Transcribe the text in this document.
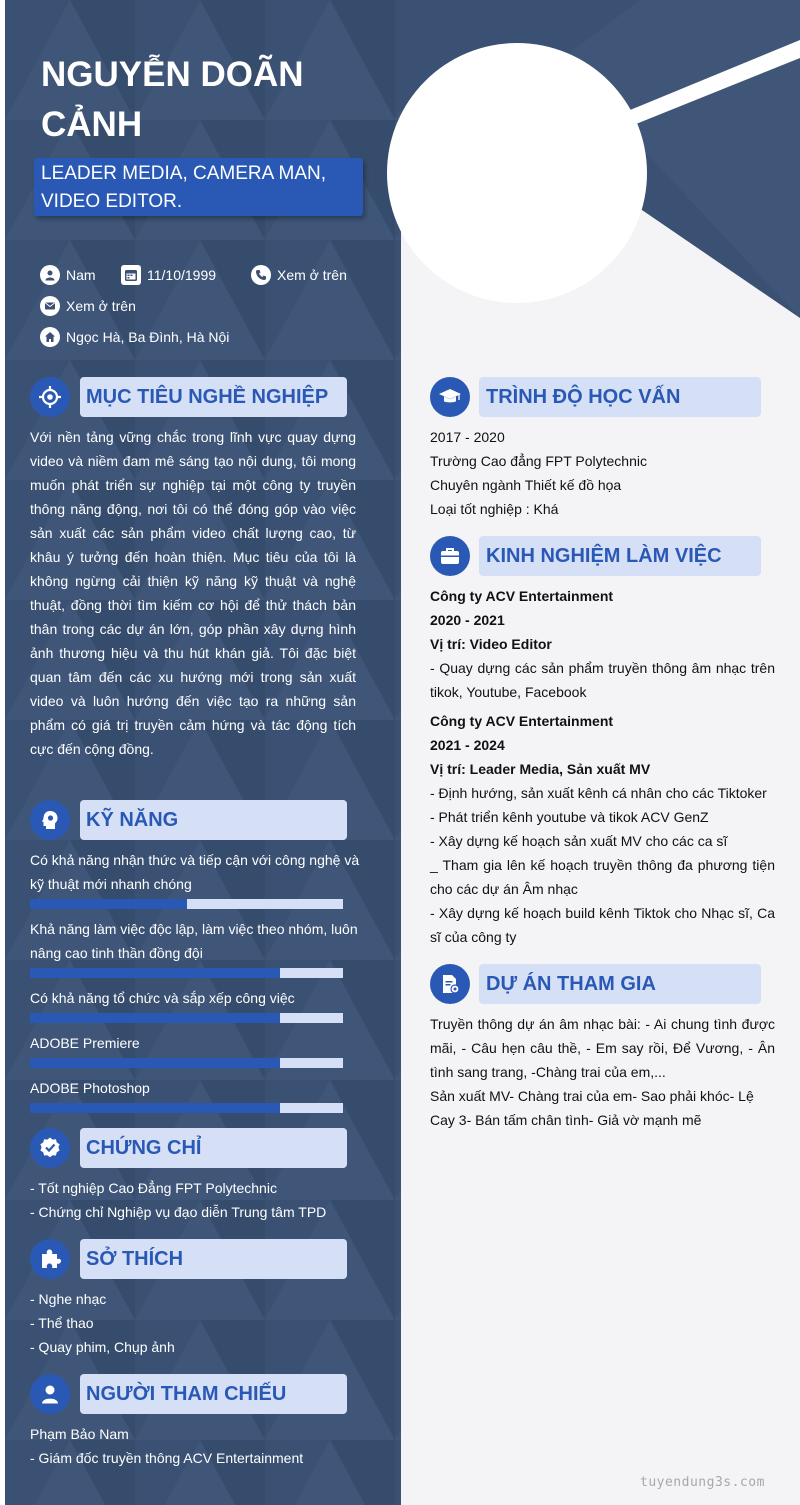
NGUYỄN DOÃN CẢNH
LEADER MEDIA, CAMERA MAN, VIDEO EDITOR.
Nam	11/10/1999	Xem ở trên
Xem ở trên
Ngọc Hà, Ba Đình, Hà Nội
MỤC TIÊU NGHỀ NGHIỆP
Với nền tảng vững chắc trong lĩnh vực quay dựng video và niềm đam mê sáng tạo nội dung, tôi mong muốn phát triển sự nghiệp tại một công ty truyền thông năng động, nơi tôi có thể đóng góp vào việc sản xuất các sản phẩm video chất lượng cao, từ khâu ý tưởng đến hoàn thiện. Mục tiêu của tôi là không ngừng cải thiện kỹ năng kỹ thuật và nghệ thuật, đồng thời tìm kiếm cơ hội để thử thách bản thân trong các dự án lớn, góp phần xây dựng hình ảnh thương hiệu và thu hút khán giả. Tôi đặc biệt quan tâm đến các xu hướng mới trong sản xuất video và luôn hướng đến việc tạo ra những sản phẩm có giá trị truyền cảm hứng và tác động tích cực đến cộng đồng.
KỸ NĂNG
Có khả năng nhận thức và tiếp cận với công nghệ và kỹ thuật mới nhanh chóng
Khả năng làm việc độc lập, làm việc theo nhóm, luôn nâng cao tinh thần đồng đội
Có khả năng tổ chức và sắp xếp công việc
ADOBE Premiere
ADOBE Photoshop
CHỨNG CHỈ
- Tốt nghiệp Cao Đẳng FPT Polytechnic
- Chứng chỉ Nghiệp vụ đạo diễn Trung tâm TPD
SỞ THÍCH
- Nghe nhạc
- Thể thao
- Quay phim, Chụp ảnh
NGƯỜI THAM CHIẾU
Phạm Bảo Nam
- Giám đốc truyền thông ACV Entertainment
TRÌNH ĐỘ HỌC VẤN
2017 - 2020
Trường Cao đẳng FPT Polytechnic
Chuyên ngành Thiết kế đồ họa
Loại tốt nghiệp : Khá
KINH NGHIỆM LÀM VIỆC
Công ty ACV Entertainment
2020 - 2021
Vị trí: Video Editor
- Quay dựng các sản phẩm truyền thông âm nhạc trên tikok, Youtube, Facebook
Công ty ACV Entertainment
2021 - 2024
Vị trí: Leader Media, Sản xuất MV
- Định hướng, sản xuất kênh cá nhân cho các Tiktoker
- Phát triển kênh youtube và tikok ACV GenZ
- Xây dựng kế hoạch sản xuất MV cho các ca sĩ
_ Tham gia lên kế hoạch truyền thông đa phương tiện cho các dự án Âm nhạc
- Xây dựng kế hoạch build kênh Tiktok cho Nhạc sĩ, Ca sĩ của công ty
DỰ ÁN THAM GIA
Truyền thông dự án âm nhạc bài: - Ai chung tình được mãi, - Câu hẹn câu thề, - Em say rồi, Để Vương, - Ân tình sang trang, -Chàng trai của em,...
Sản xuất MV- Chàng trai của em- Sao phải khóc- Lệ Cay 3- Bán tấm chân tình- Giả vờ mạnh mẽ
tuyendung3s.com
